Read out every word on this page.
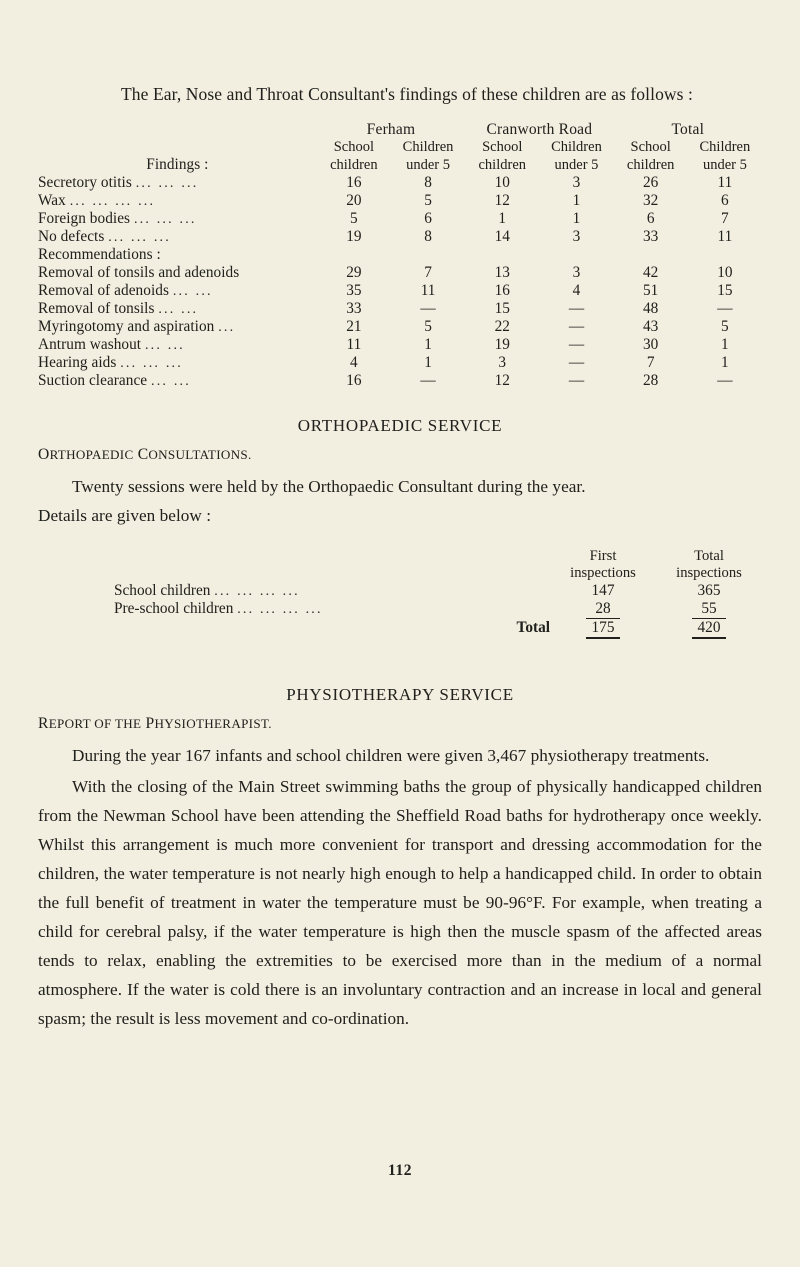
The Ear, Nose and Throat Consultant's findings of these children are as follows :

	Ferham		Cranworth Road		Total	
	School	Children	School	Children	School	Children
Findings :	children	under 5	children	under 5	children	under 5
Secretory otitis ... ... ...	16	8	10	3	26	11
Wax ... ... ... ...	20	5	12	1	32	6
Foreign bodies ... ... ...	5	6	1	1	6	7
No defects ... ... ...	19	8	14	3	33	11
Recommendations :						
Removal of tonsils and adenoids	29	7	13	3	42	10
Removal of adenoids ... ...	35	11	16	4	51	15
Removal of tonsils ... ...	33	—	15	—	48	—
Myringotomy and aspiration ...	21	5	22	—	43	5
Antrum washout ... ...	11	1	19	—	30	1
Hearing aids ... ... ...	4	1	3	—	7	1
Suction clearance ... ...	16	—	12	—	28	—
ORTHOPAEDIC SERVICE
ORTHOPAEDIC CONSULTATIONS.

Twenty sessions were held by the Orthopaedic Consultant during the year.

Details are given below :

			First	Total
			inspections	inspections
	School children ... ... ... ...		147	365
	Pre-school children ... ... ... ...		28	55

		Total	175	420

PHYSIOTHERAPY SERVICE
REPORT OF THE PHYSIOTHERAPIST.

During the year 167 infants and school children were given 3,467 physiotherapy treatments.

With the closing of the Main Street swimming baths the group of physically handicapped children from the Newman School have been attending the Sheffield Road baths for hydrotherapy once weekly. Whilst this arrangement is much more convenient for transport and dressing accommodation for the children, the water temperature is not nearly high enough to help a handicapped child. In order to obtain the full benefit of treatment in water the temperature must be 90-96°F. For example, when treating a child for cerebral palsy, if the water temperature is high then the muscle spasm of the affected areas tends to relax, enabling the extremities to be exercised more than in the medium of a normal atmosphere. If the water is cold there is an involuntary contraction and an increase in local and general spasm; the result is less movement and co-ordination.

112
